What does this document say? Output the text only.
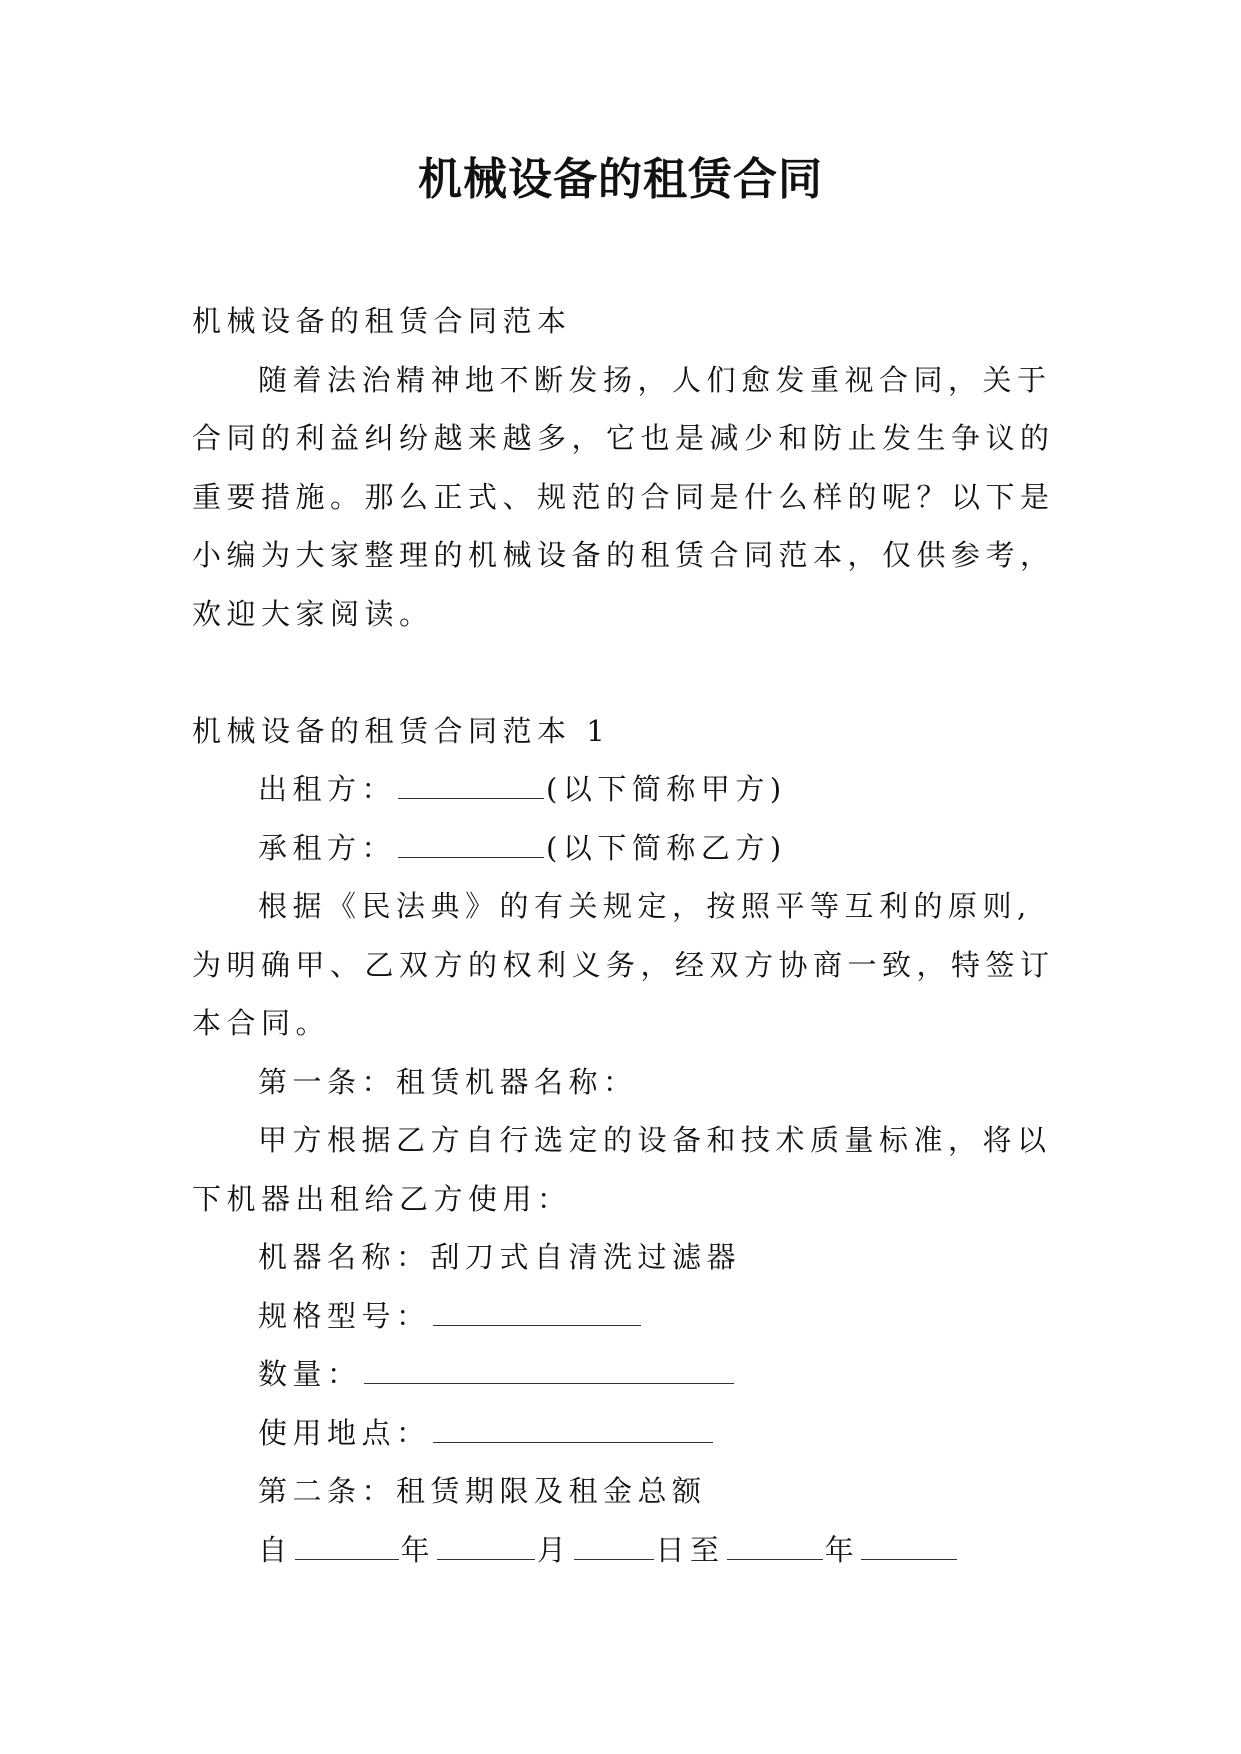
机械设备的租赁合同

机械设备的租赁合同范本

随着法治精神地不断发扬，人们愈发重视合同，关于合同的利益纠纷越来越多，它也是减少和防止发生争议的重要措施。那么正式、规范的合同是什么样的呢？以下是小编为大家整理的机械设备的租赁合同范本，仅供参考，欢迎大家阅读。

机械设备的租赁合同范本 1

出租方：	(以下简称甲方)

承租方：	(以下简称乙方)

根据《民法典》的有关规定，按照平等互利的原则,为明确甲、乙双方的权利义务，经双方协商一致，特签订本合同。

第一条：租赁机器名称：

甲方根据乙方自行选定的设备和技术质量标准，将以下机器出租给乙方使用：

机器名称：刮刀式自清洗过滤器

规格型号：

数量：

使用地点：

第二条：租赁期限及租金总额

自	年	月	日至	年
